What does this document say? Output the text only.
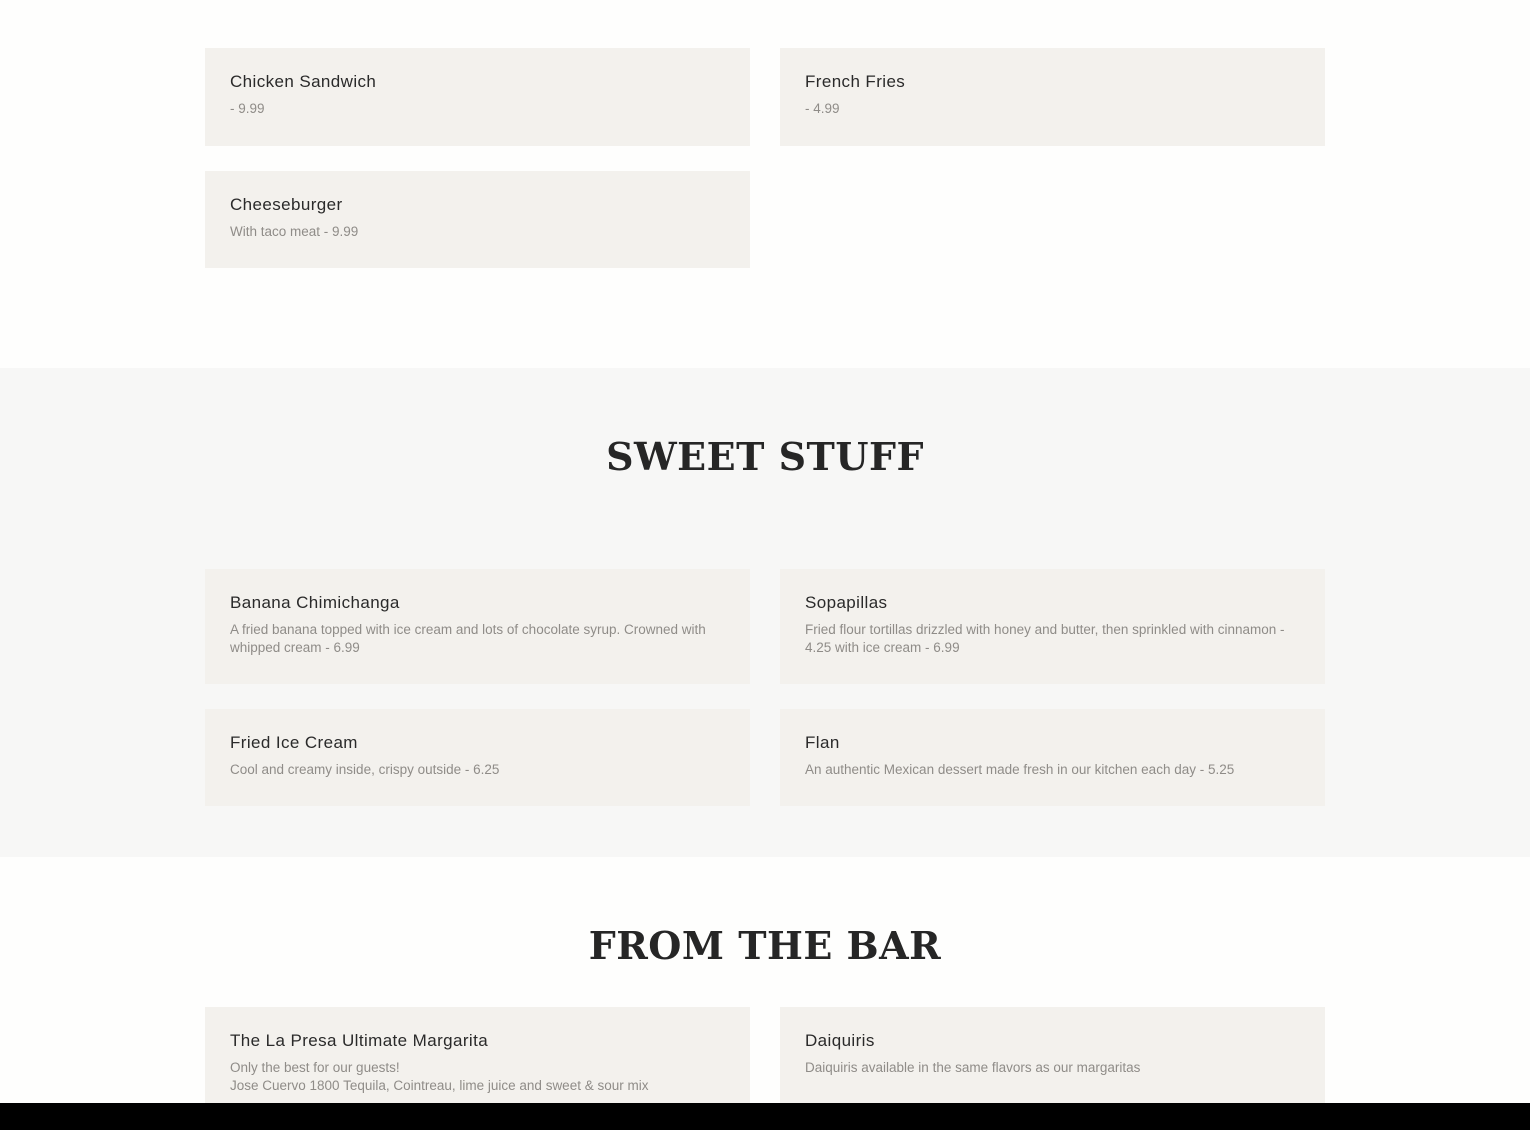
Chicken Sandwich
- 9.99
French Fries
- 4.99
Cheeseburger
With taco meat - 9.99
SWEET STUFF
Banana Chimichanga
A fried banana topped with ice cream and lots of chocolate syrup. Crowned with whipped cream - 6.99
Sopapillas
Fried flour tortillas drizzled with honey and butter, then sprinkled with cinnamon - 4.25 with ice cream - 6.99
Fried Ice Cream
Cool and creamy inside, crispy outside - 6.25
Flan
An authentic Mexican dessert made fresh in our kitchen each day - 5.25
FROM THE BAR
The La Presa Ultimate Margarita
Only the best for our guests!
Jose Cuervo 1800 Tequila, Cointreau, lime juice and sweet & sour mix
Daiquiris
Daiquiris available in the same flavors as our margaritas
